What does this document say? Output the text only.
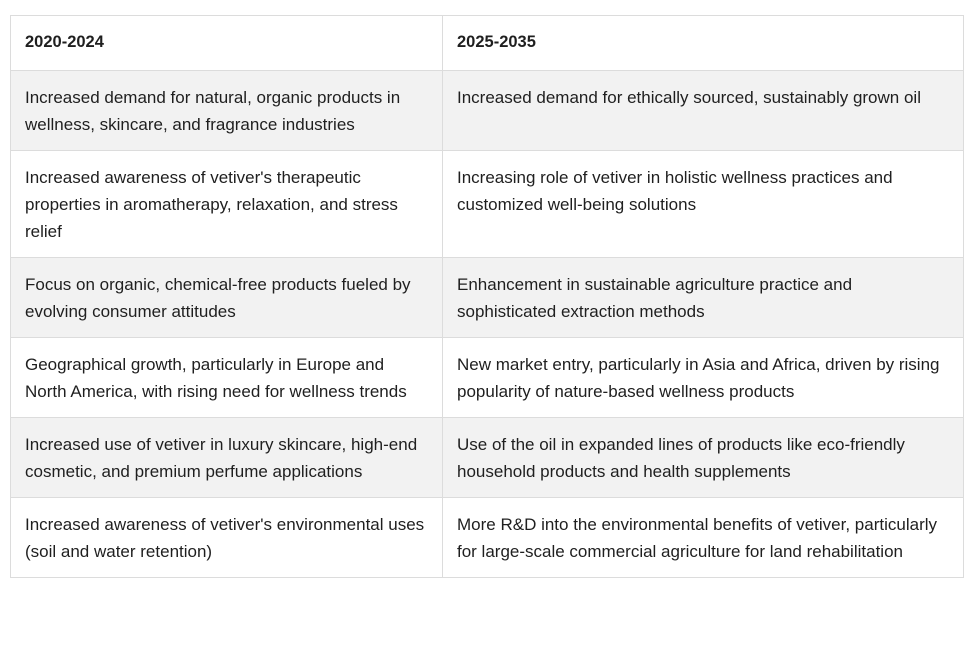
2020-2024	2025-2035
Increased demand for natural, organic products in wellness, skincare, and fragrance industries	Increased demand for ethically sourced, sustainably grown oil
Increased awareness of vetiver's therapeutic properties in aromatherapy, relaxation, and stress relief	Increasing role of vetiver in holistic wellness practices and customized well-being solutions
Focus on organic, chemical-free products fueled by evolving consumer attitudes	Enhancement in sustainable agriculture practice and sophisticated extraction methods
Geographical growth, particularly in Europe and North America, with rising need for wellness trends	New market entry, particularly in Asia and Africa, driven by rising popularity of nature-based wellness products
Increased use of vetiver in luxury skincare, high-end cosmetic, and premium perfume applications	Use of the oil in expanded lines of products like eco-friendly household products and health supplements
Increased awareness of vetiver's environmental uses (soil and water retention)	More R&D into the environmental benefits of vetiver, particularly for large-scale commercial agriculture for land rehabilitation
